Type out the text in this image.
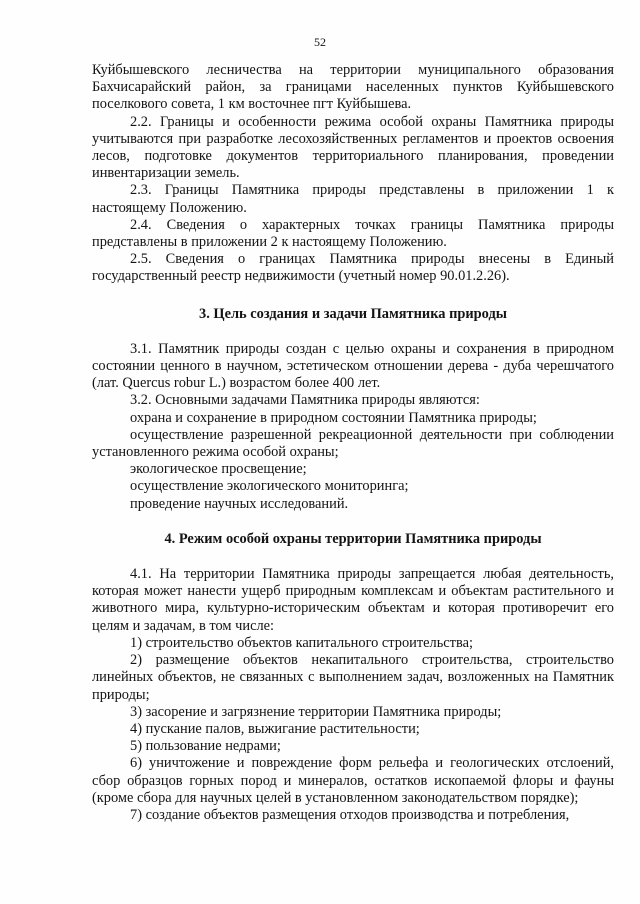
52

Куйбышевского лесничества на территории муниципального образования Бахчисарайский район, за границами населенных пунктов Куйбышевского поселкового совета, 1 км восточнее пгт Куйбышева.

2.2. Границы и особенности режима особой охраны Памятника природы учитываются при разработке лесохозяйственных регламентов и проектов освоения лесов, подготовке документов территориального планирования, проведении инвентаризации земель.

2.3. Границы Памятника природы представлены в приложении 1 к настоящему Положению.

2.4. Сведения о характерных точках границы Памятника природы представлены в приложении 2 к настоящему Положению.

2.5. Сведения о границах Памятника природы внесены в Единый государственный реестр недвижимости (учетный номер 90.01.2.26).

3. Цель создания и задачи Памятника природы

3.1. Памятник природы создан с целью охраны и сохранения в природном состоянии ценного в научном, эстетическом отношении дерева - дуба черешчатого (лат. Quercus robur L.) возрастом более 400 лет.

3.2. Основными задачами Памятника природы являются:

охрана и сохранение в природном состоянии Памятника природы;

осуществление разрешенной рекреационной деятельности при соблюдении установленного режима особой охраны;

экологическое просвещение;

осуществление экологического мониторинга;

проведение научных исследований.

4. Режим особой охраны территории Памятника природы

4.1. На территории Памятника природы запрещается любая деятельность, которая может нанести ущерб природным комплексам и объектам растительного и животного мира, культурно-историческим объектам и которая противоречит его целям и задачам, в том числе:

1) строительство объектов капитального строительства;

2) размещение объектов некапитального строительства, строительство линейных объектов, не связанных с выполнением задач, возложенных на Памятник природы;

3) засорение и загрязнение территории Памятника природы;

4) пускание палов, выжигание растительности;

5) пользование недрами;

6) уничтожение и повреждение форм рельефа и геологических отслоений, сбор образцов горных пород и минералов, остатков ископаемой флоры и фауны (кроме сбора для научных целей в установленном законодательством порядке);

7) создание объектов размещения отходов производства и потребления,
